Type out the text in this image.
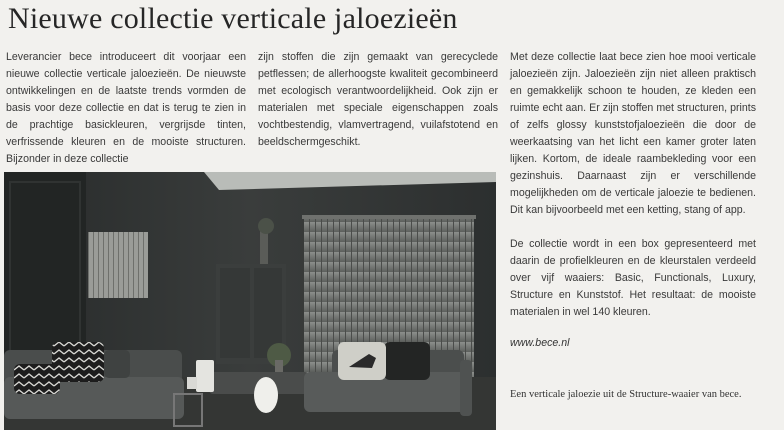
Nieuwe collectie verticale jaloezieën

Leverancier bece introduceert dit voorjaar een nieuwe collectie verticale jaloezieën. De nieuwste ontwikkelingen en de laatste trends vormden de basis voor deze collectie en dat is terug te zien in de prachtige basickleuren, vergrijsde tinten, verfrissende kleuren en de mooiste structuren. Bijzonder in deze collectie

zijn stoffen die zijn gemaakt van gerecyclede petflessen; de allerhoogste kwaliteit gecombineerd met ecologisch verantwoordelijkheid. Ook zijn er materialen met speciale eigenschappen zoals vochtbestendig, vlamvertragend, vuilafstotend en beeldschermgeschikt.

Met deze collectie laat bece zien hoe mooi verticale jaloezieën zijn. Jaloezieën zijn niet alleen praktisch en gemakkelijk schoon te houden, ze kleden een ruimte echt aan. Er zijn stoffen met structuren, prints of zelfs glossy kunststofjaloezieën die door de weerkaatsing van het licht een kamer groter laten lijken. Kortom, de ideale raambekleding voor een gezinshuis. Daarnaast zijn er verschillende mogelijkheden om de verticale jaloezie te bedienen. Dit kan bijvoorbeeld met een ketting, stang of app.

De collectie wordt in een box gepresenteerd met daarin de profielkleuren en de kleurstalen verdeeld over vijf waaiers: Basic, Functionals, Luxury, Structure en Kunststof. Het resultaat: de mooiste materialen in wel 140 kleuren.

www.bece.nl
Een verticale jaloezie uit de Structure-waaier van bece.
